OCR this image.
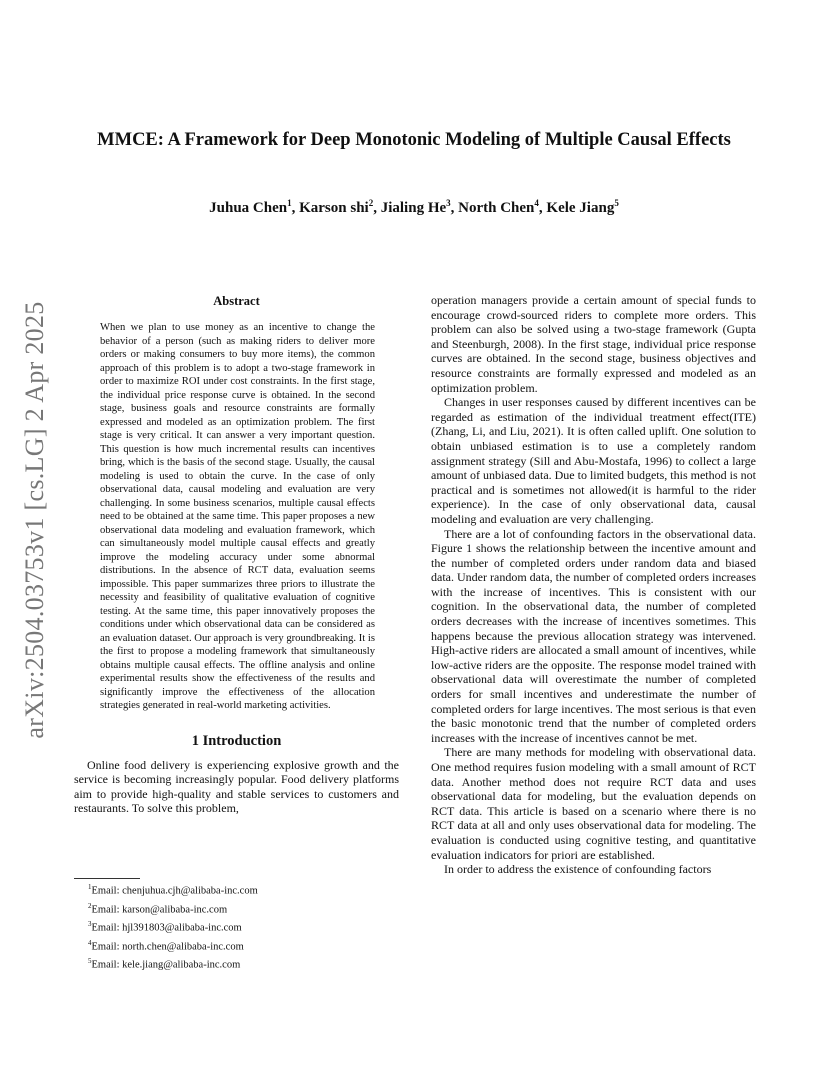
arXiv:2504.03753v1 [cs.LG] 2 Apr 2025
MMCE: A Framework for Deep Monotonic Modeling of Multiple Causal Effects
Juhua Chen$^1$, Karson shi$^2$, Jialing He$^3$, North Chen$^4$, Kele Jiang$^5$
Abstract

When we plan to use money as an incentive to change the behavior of a person (such as making riders to deliver more orders or making consumers to buy more items), the common approach of this problem is to adopt a two-stage framework in order to maximize ROI under cost constraints. In the first stage, the individual price response curve is obtained. In the second stage, business goals and resource constraints are formally expressed and modeled as an optimization problem. The first stage is very critical. It can answer a very important question. This question is how much incremental results can incentives bring, which is the basis of the second stage. Usually, the causal modeling is used to obtain the curve. In the case of only observational data, causal modeling and evaluation are very challenging. In some business scenarios, multiple causal effects need to be obtained at the same time. This paper proposes a new observational data modeling and evaluation framework, which can simultaneously model multiple causal effects and greatly improve the modeling accuracy under some abnormal distributions. In the absence of RCT data, evaluation seems impossible. This paper summarizes three priors to illustrate the necessity and feasibility of qualitative evaluation of cognitive testing. At the same time, this paper innovatively proposes the conditions under which observational data can be considered as an evaluation dataset. Our approach is very groundbreaking. It is the first to propose a modeling framework that simultaneously obtains multiple causal effects. The offline analysis and online experimental results show the effectiveness of the results and significantly improve the effectiveness of the allocation strategies generated in real-world marketing activities.

1 Introduction

Online food delivery is experiencing explosive growth and the service is becoming increasingly popular. Food delivery platforms aim to provide high-quality and stable services to customers and restaurants. To solve this problem,

operation managers provide a certain amount of special funds to encourage crowd-sourced riders to complete more orders. This problem can also be solved using a two-stage framework (Gupta and Steenburgh, 2008). In the first stage, individual price response curves are obtained. In the second stage, business objectives and resource constraints are formally expressed and modeled as an optimization problem.

Changes in user responses caused by different incentives can be regarded as estimation of the individual treatment effect(ITE) (Zhang, Li, and Liu, 2021). It is often called uplift. One solution to obtain unbiased estimation is to use a completely random assignment strategy (Sill and Abu-Mostafa, 1996) to collect a large amount of unbiased data. Due to limited budgets, this method is not practical and is sometimes not allowed(it is harmful to the rider experience). In the case of only observational data, causal modeling and evaluation are very challenging.

There are a lot of confounding factors in the observational data. Figure 1 shows the relationship between the incentive amount and the number of completed orders under random data and biased data. Under random data, the number of completed orders increases with the increase of incentives. This is consistent with our cognition. In the observational data, the number of completed orders decreases with the increase of incentives sometimes. This happens because the previous allocation strategy was intervened. High-active riders are allocated a small amount of incentives, while low-active riders are the opposite. The response model trained with observational data will overestimate the number of completed orders for small incentives and underestimate the number of completed orders for large incentives. The most serious is that even the basic monotonic trend that the number of completed orders increases with the increase of incentives cannot be met.

There are many methods for modeling with observational data. One method requires fusion modeling with a small amount of RCT data. Another method does not require RCT data and uses observational data for modeling, but the evaluation depends on RCT data. This article is based on a scenario where there is no RCT data at all and only uses observational data for modeling. The evaluation is conducted using cognitive testing, and quantitative evaluation indicators for priori are established.

In order to address the existence of confounding factors

$^1$Email: chenjuhua.cjh@alibaba-inc.com
$^2$Email: karson@alibaba-inc.com
$^3$Email: hjl391803@alibaba-inc.com
$^4$Email: north.chen@alibaba-inc.com
$^5$Email: kele.jiang@alibaba-inc.com
